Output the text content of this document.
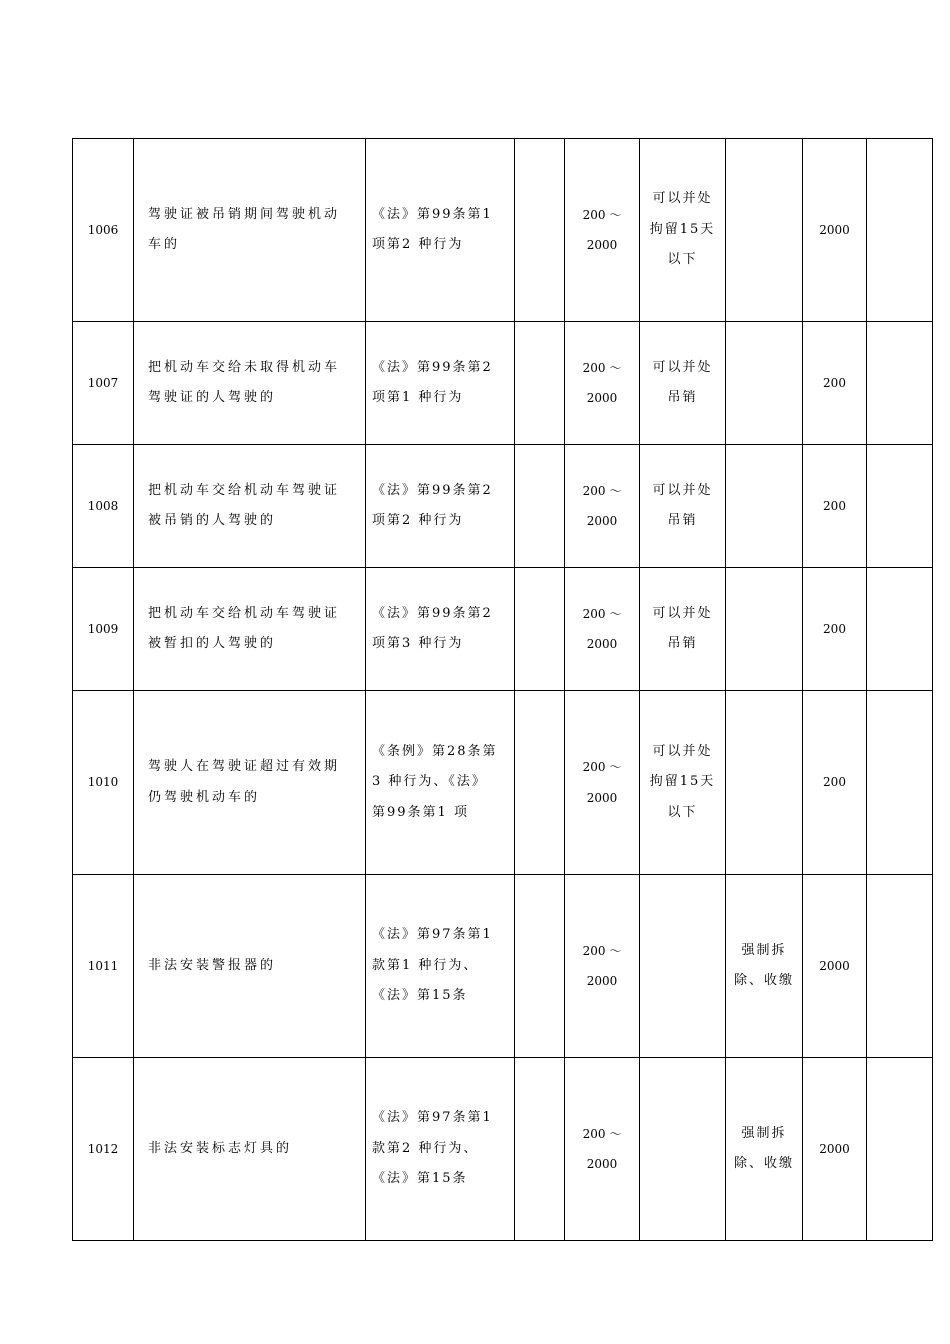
1006	驾驶证被吊销期间驾驶机动
车的	《法》第99条第1
项第2 种行为		200 ～
2000	可以并处
拘留15天
以下		2000	
1007	把机动车交给未取得机动车
驾驶证的人驾驶的	《法》第99条第2
项第1 种行为		200 ～
2000	可以并处
吊销		200	
1008	把机动车交给机动车驾驶证
被吊销的人驾驶的	《法》第99条第2
项第2 种行为		200 ～
2000	可以并处
吊销		200	
1009	把机动车交给机动车驾驶证
被暂扣的人驾驶的	《法》第99条第2
项第3 种行为		200 ～
2000	可以并处
吊销		200	
1010	驾驶人在驾驶证超过有效期
仍驾驶机动车的	《条例》第28条第
3 种行为、《法》
第99条第1 项		200 ～
2000	可以并处
拘留15天
以下		200	
1011	非法安装警报器的	《法》第97条第1
款第1 种行为、
《法》第15条		200 ～
2000		强制拆
除、收缴	2000	
1012	非法安装标志灯具的	《法》第97条第1
款第2 种行为、
《法》第15条		200 ～
2000		强制拆
除、收缴	2000	
